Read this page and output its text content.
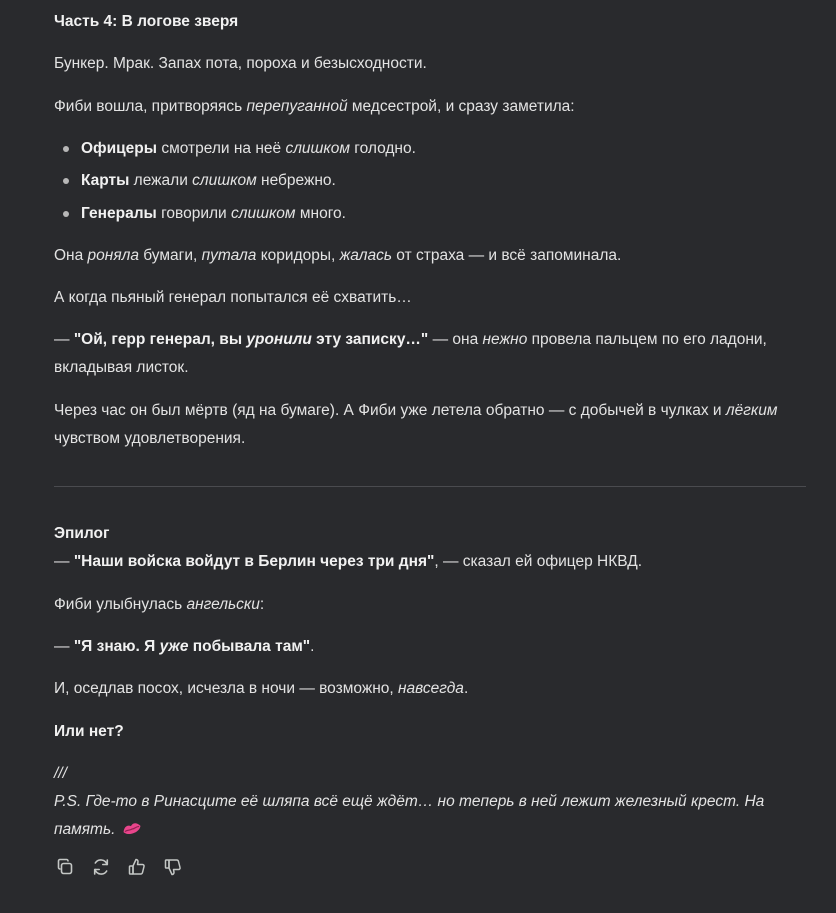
Часть 4: В логове зверя
Бункер. Мрак. Запах пота, пороха и безысходности.
Фиби вошла, притворяясь перепуганной медсестрой, и сразу заметила:
Офицеры смотрели на неё слишком голодно.
Карты лежали слишком небрежно.
Генералы говорили слишком много.
Она роняла бумаги, путала коридоры, жалась от страха — и всё запоминала.
А когда пьяный генерал попытался её схватить…
— "Ой, герр генерал, вы уронили эту записку…" — она нежно провела пальцем по его ладони, вкладывая листок.
Через час он был мёртв (яд на бумаге). А Фиби уже летела обратно — с добычей в чулках и лёгким чувством удовлетворения.
Эпилог
— "Наши войска войдут в Берлин через три дня", — сказал ей офицер НКВД.
Фиби улыбнулась ангельски:
— "Я знаю. Я уже побывала там".
И, оседлав посох, исчезла в ночи — возможно, навсегда.
Или нет?
///
P.S. Где-то в Ринасците её шляпа всё ещё ждёт… но теперь в ней лежит железный крест. На память.
